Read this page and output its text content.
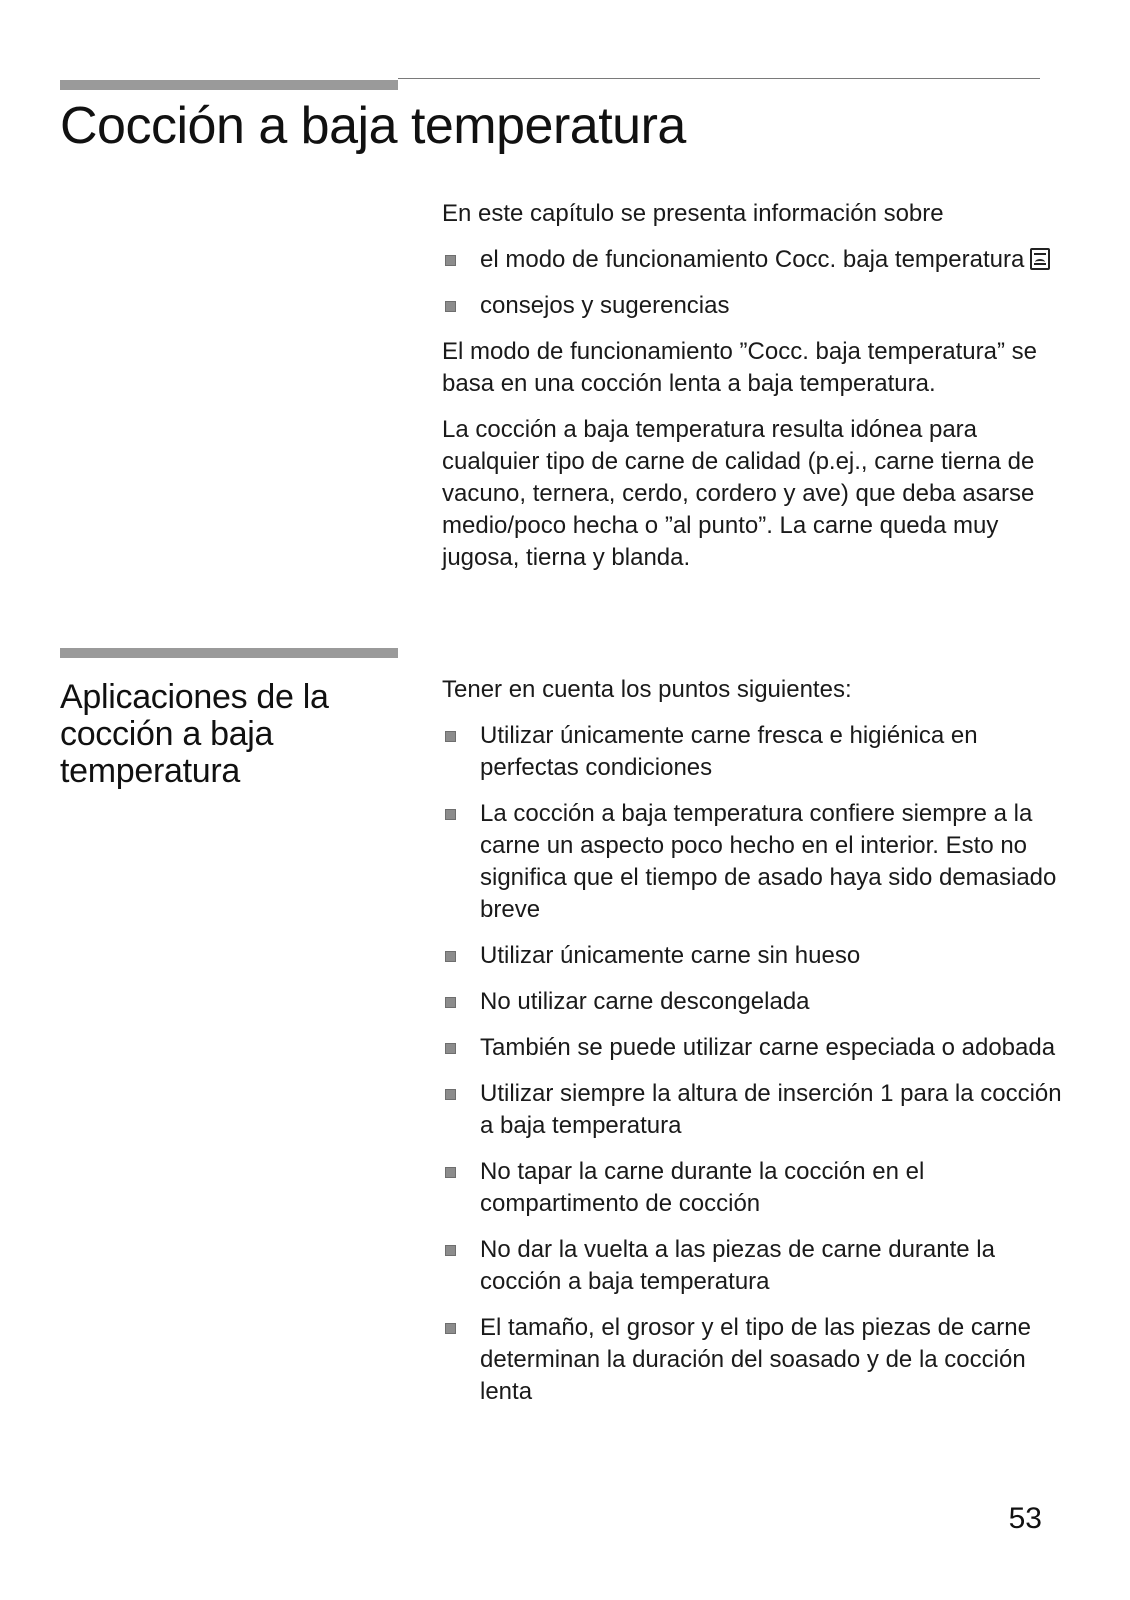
Cocción a baja temperatura

En este capítulo se presenta información sobre

el modo de funcionamiento Cocc. baja temperatura
consejos y sugerencias

El modo de funcionamiento ”Cocc. baja temperatura” se basa en una cocción lenta a baja temperatura.

La cocción a baja temperatura resulta idónea para cualquier tipo de carne de calidad (p.ej., carne tierna de vacuno, ternera, cerdo, cordero y ave) que deba asarse medio/poco hecha o ”al punto”. La carne queda muy jugosa, tierna y blanda.

Aplicaciones de la cocción a baja temperatura

Tener en cuenta los puntos siguientes:

Utilizar únicamente carne fresca e higiénica en perfectas condiciones
La cocción a baja temperatura confiere siempre a la carne un aspecto poco hecho en el interior. Esto no significa que el tiempo de asado haya sido demasiado breve
Utilizar únicamente carne sin hueso
No utilizar carne descongelada
También se puede utilizar carne especiada o adobada
Utilizar siempre la altura de inserción 1 para la cocción a baja temperatura
No tapar la carne durante la cocción en el compartimento de cocción
No dar la vuelta a las piezas de carne durante la cocción a baja temperatura
El tamaño, el grosor y el tipo de las piezas de carne determinan la duración del soasado y de la cocción lenta
53
